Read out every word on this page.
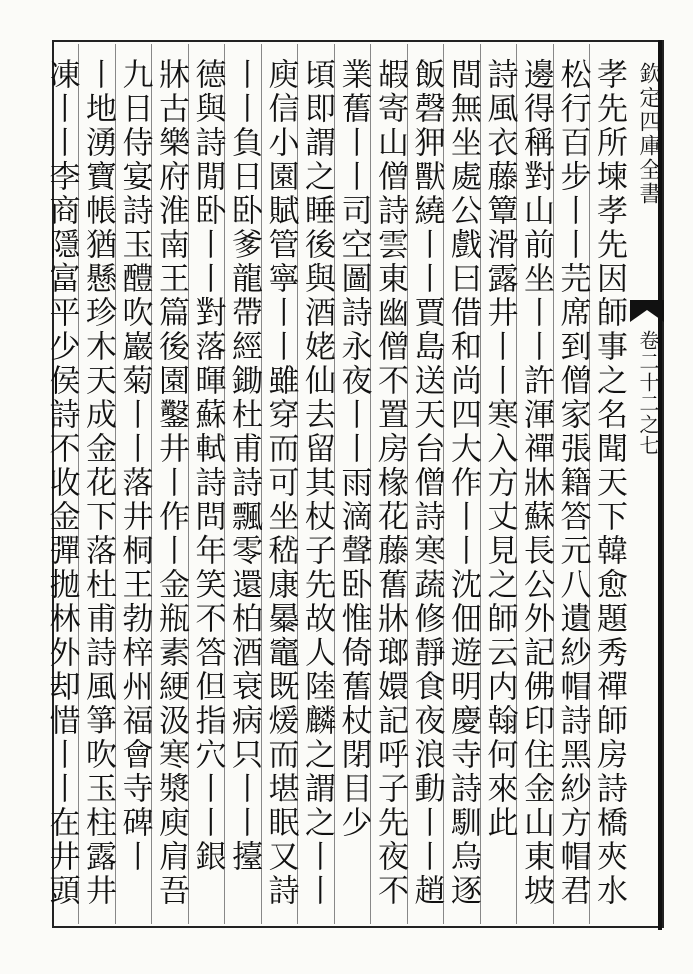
欽定四庫全書
卷二十二之七
孝先所堜孝先因師事之名聞天下韓愈題秀禪師房詩橋夾水
松行百步丨丨芫席到僧家張籍答元八遺紗帽詩黑紗方帽君
邊得稱對山前坐丨丨許渾禪牀蘇長公外記佛印住金山東坡
詩風衣藤簟滑露井丨丨寒入方丈見之師云内翰何來此
間無坐處公戲曰借和尚四大作丨丨沈佃遊明慶寺詩馴烏逐
飯磬狎獸繞丨丨賈島送天台僧詩寒蔬修靜食夜浪動丨丨趙
嘏寄山僧詩雲東幽僧不置房椽花藤𦾔牀瑯嬛記呼子先夜不
業𦾔丨丨司空圖詩永夜丨丨雨滴聲卧惟倚𦾔杖閉目少
頃即謂之睡後與酒姥仙去留其杖子先故人陸麟之謂之丨丨
庾信小園賦管寧丨丨雖穿而可坐嵇康㬥竈既煖而堪眠又詩
丨丨負日卧爹龍帶經鋤杜甫詩飄零還柏酒衰病只丨丨擡
德與詩閒卧丨丨對落暉蘇軾詩問年笑不答但指穴丨丨銀
牀古樂府淮南王篇後園鑿井丨作丨金瓶素綆汲寒漿庾肩吾
九日侍宴詩玉醴吹巖菊丨丨落井桐王勃梓州福會寺碑丨
丨地湧寶帳猶懸珍木天成金花下落杜甫詩風箏吹玉柱露井
凍丨丨李商隱富平少侯詩不收金彈拋林外却惜丨丨在井頭
